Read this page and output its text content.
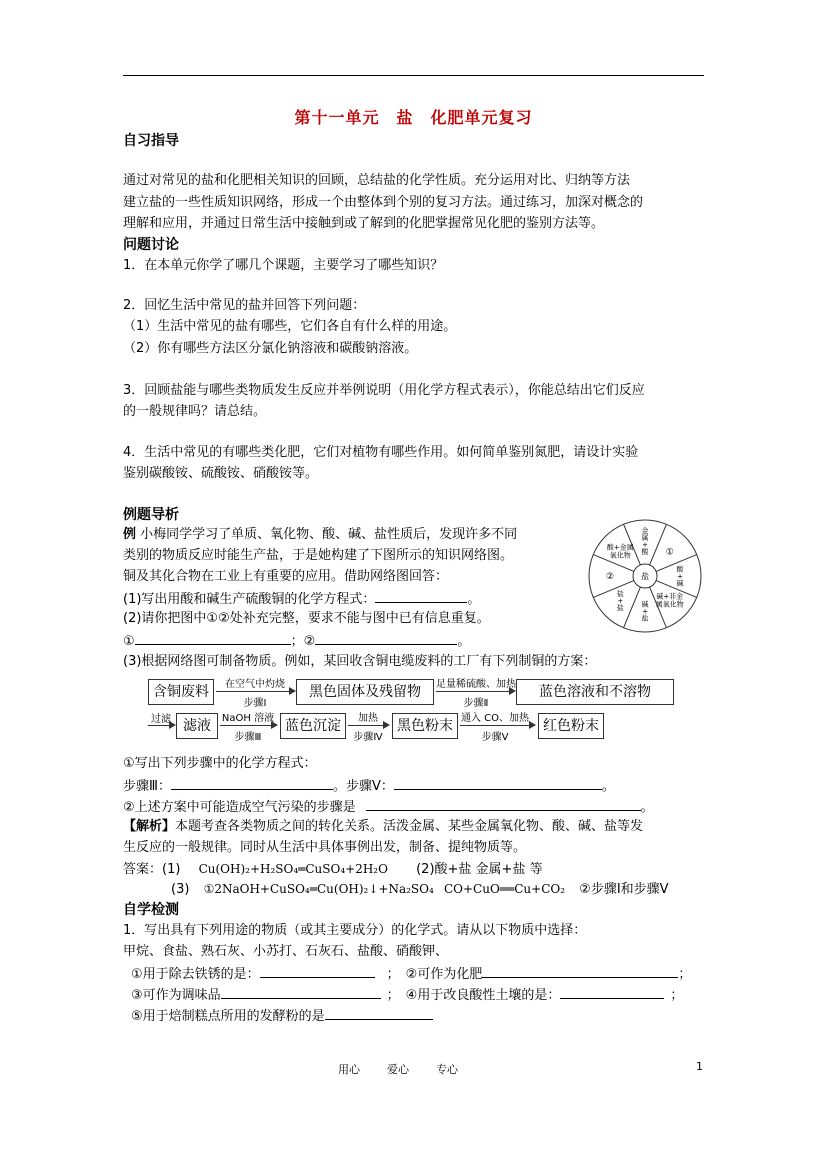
第十一单元　盐　化肥单元复习
自习指导
通过对常见的盐和化肥相关知识的回顾，总结盐的化学性质。充分运用对比、归纳等方法
建立盐的一些性质知识网络，形成一个由整体到个别的复习方法。通过练习，加深对概念的
理解和应用，并通过日常生活中接触到或了解到的化肥掌握常见化肥的鉴别方法等。
问题讨论
1．在本单元你学了哪几个课题，主要学习了哪些知识？
2．回忆生活中常见的盐并回答下列问题：
（1）生活中常见的盐有哪些，它们各自有什么样的用途。
（2）你有哪些方法区分氯化钠溶液和碳酸钠溶液。
3．回顾盐能与哪些类物质发生反应并举例说明（用化学方程式表示），你能总结出它们反应
的一般规律吗？请总结。
4．生活中常见的有哪些类化肥，它们对植物有哪些作用。如何简单鉴别氮肥，请设计实验
鉴别碳酸铵、硫酸铵、硝酸铵等。
例题导析
例 小梅同学学习了单质、氧化物、酸、碱、盐性质后，发现许多不同
类别的物质反应时能生产盐，于是她构建了下图所示的知识网络图。
铜及其化合物在工业上有重要的应用。借助网络图回答：
(1)写出用酸和碱生产硫酸铜的化学方程式：	。
(2)请你把图中①②处补充完整，要求不能与图中已有信息重复。
①	；②	。
(3)根据网络图可制备物质。例如，某回收含铜电缆废料的工厂有下列制铜的方案：
金属+酸 ①
酸+碱
碱+非金属氧化物
碱+盐
盐+盐
②
酸+金属氧化物
盐
含铜废料	在空气中灼烧
步骤Ⅰ
黑色固体及残留物	足量稀硫酸、加热
步骤Ⅱ
蓝色溶液和不溶物
过滤 滤液	NaOH 溶液
步骤Ⅲ
蓝色沉淀	加热
步骤Ⅳ
黑色粉末 通入 CO、加热
步骤Ⅴ
红色粉末
①写出下列步骤中的化学方程式：
步骤Ⅲ：	。步骤Ⅴ：	。
②上述方案中可能造成空气污染的步骤是	。
【解析】本题考查各类物质之间的转化关系。活泼金属、某些金属氧化物、酸、碱、盐等发
生反应的一般规律。同时从生活中具体事例出发，制备、提纯物质等。
答案：(1) Cu(OH)₂+H₂SO₄═CuSO₄+2H₂O (2)酸+盐 金属+盐 等
(3) ①2NaOH+CuSO₄═Cu(OH)₂↓+Na₂SO₄ CO+CuO══Cu+CO₂ ②步骤Ⅰ和步骤Ⅴ
自学检测
1．写出具有下列用途的物质（或其主要成分）的化学式。请从以下物质中选择：
甲烷、食盐、熟石灰、小苏打、石灰石、盐酸、硝酸钾、
①用于除去铁锈的是：	； ②可作为化肥	；
③可作为调味品	； ④用于改良酸性土壤的是：	；
⑤用于焙制糕点所用的发酵粉的是
用心 爱心 专心	1
